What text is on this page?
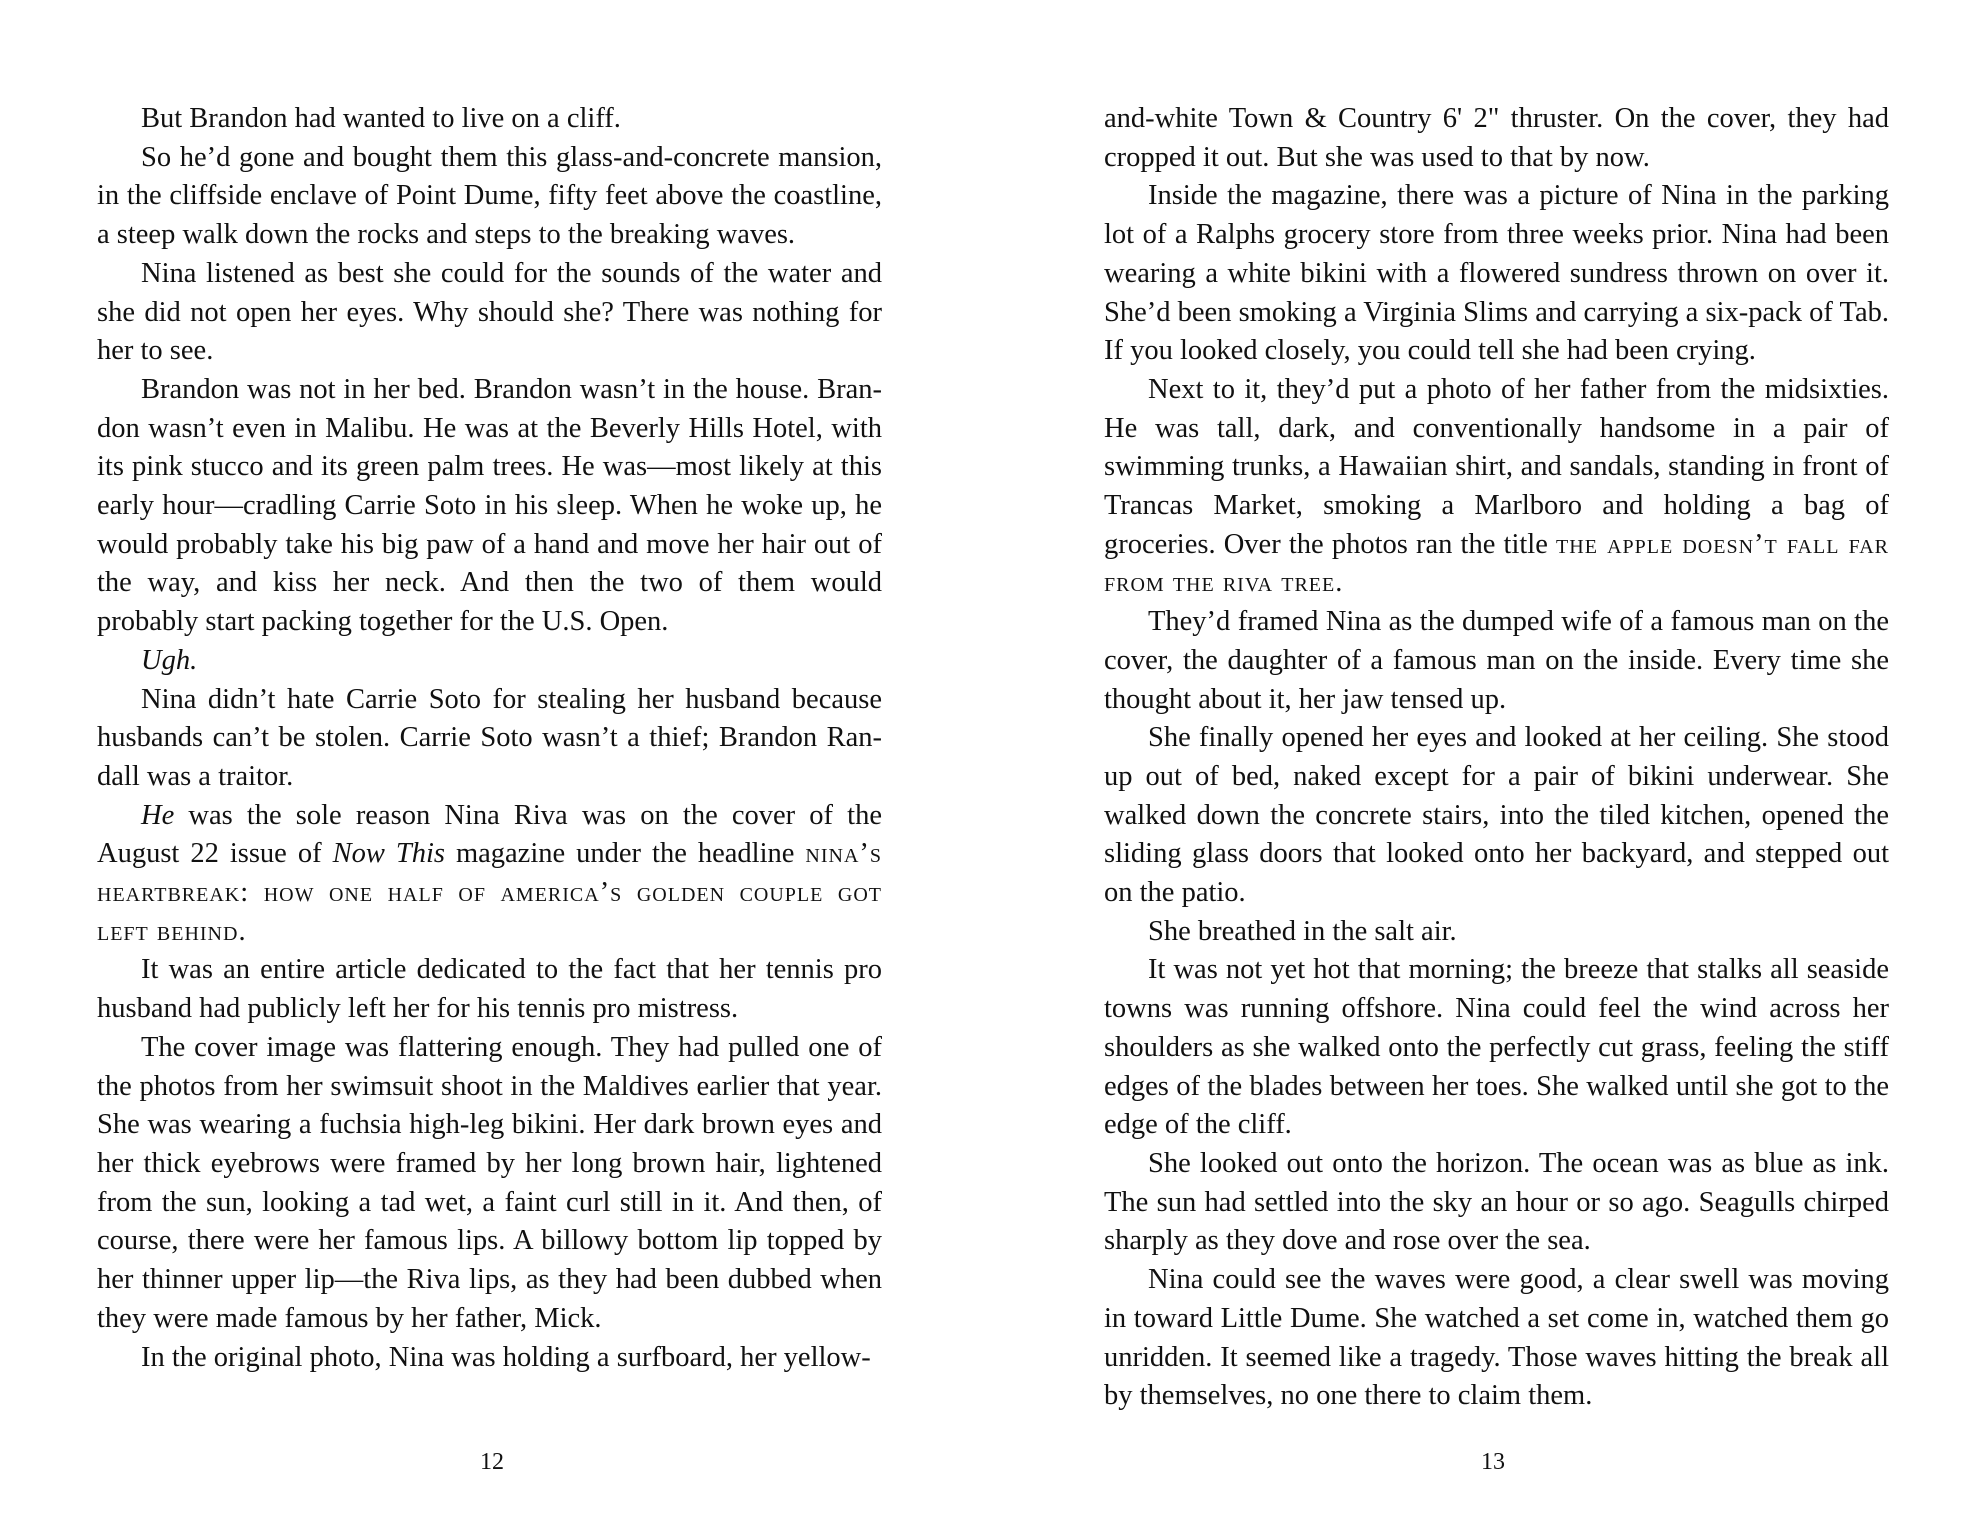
But Brandon had wanted to live on a cliff.

So he’d gone and bought them this glass-and-concrete mansion, in the cliffside enclave of Point Dume, fifty feet above the coastline, a steep walk down the rocks and steps to the breaking waves.

Nina listened as best she could for the sounds of the water and she did not open her eyes. Why should she? There was nothing for her to see.

Brandon was not in her bed. Brandon wasn’t in the house. Brandon wasn’t even in Malibu. He was at the Beverly Hills Hotel, with its pink stucco and its green palm trees. He was—most likely at this early hour—cradling Carrie Soto in his sleep. When he woke up, he would probably take his big paw of a hand and move her hair out of the way, and kiss her neck. And then the two of them would probably start packing together for the U.S. Open.

Ugh.

Nina didn’t hate Carrie Soto for stealing her husband because husbands can’t be stolen. Carrie Soto wasn’t a thief; Brandon Randall was a traitor.

He was the sole reason Nina Riva was on the cover of the August 22 issue of Now This magazine under the headline nina’s heartbreak: how one half of america’s golden couple got left behind.

It was an entire article dedicated to the fact that her tennis pro husband had publicly left her for his tennis pro mistress.

The cover image was flattering enough. They had pulled one of the photos from her swimsuit shoot in the Maldives earlier that year. She was wearing a fuchsia high-leg bikini. Her dark brown eyes and her thick eyebrows were framed by her long brown hair, lightened from the sun, looking a tad wet, a faint curl still in it. And then, of course, there were her famous lips. A billowy bottom lip topped by her thinner upper lip—the Riva lips, as they had been dubbed when they were made famous by her father, Mick.

In the original photo, Nina was holding a surfboard, her yellow-

12

and-white Town & Country 6' 2" thruster. On the cover, they had cropped it out. But she was used to that by now.

Inside the magazine, there was a picture of Nina in the parking lot of a Ralphs grocery store from three weeks prior. Nina had been wearing a white bikini with a flowered sundress thrown on over it. She’d been smoking a Virginia Slims and carrying a six-pack of Tab. If you looked closely, you could tell she had been crying.

Next to it, they’d put a photo of her father from the midsixties. He was tall, dark, and conventionally handsome in a pair of swimming trunks, a Hawaiian shirt, and sandals, standing in front of Trancas Market, smoking a Marlboro and holding a bag of groceries. Over the photos ran the title the apple doesn’t fall far from the riva tree.

They’d framed Nina as the dumped wife of a famous man on the cover, the daughter of a famous man on the inside. Every time she thought about it, her jaw tensed up.

She finally opened her eyes and looked at her ceiling. She stood up out of bed, naked except for a pair of bikini underwear. She walked down the concrete stairs, into the tiled kitchen, opened the sliding glass doors that looked onto her backyard, and stepped out on the patio.

She breathed in the salt air.

It was not yet hot that morning; the breeze that stalks all seaside towns was running offshore. Nina could feel the wind across her shoulders as she walked onto the perfectly cut grass, feeling the stiff edges of the blades between her toes. She walked until she got to the edge of the cliff.

She looked out onto the horizon. The ocean was as blue as ink. The sun had settled into the sky an hour or so ago. Seagulls chirped sharply as they dove and rose over the sea.

Nina could see the waves were good, a clear swell was moving in toward Little Dume. She watched a set come in, watched them go unridden. It seemed like a tragedy. Those waves hitting the break all by themselves, no one there to claim them.

13
